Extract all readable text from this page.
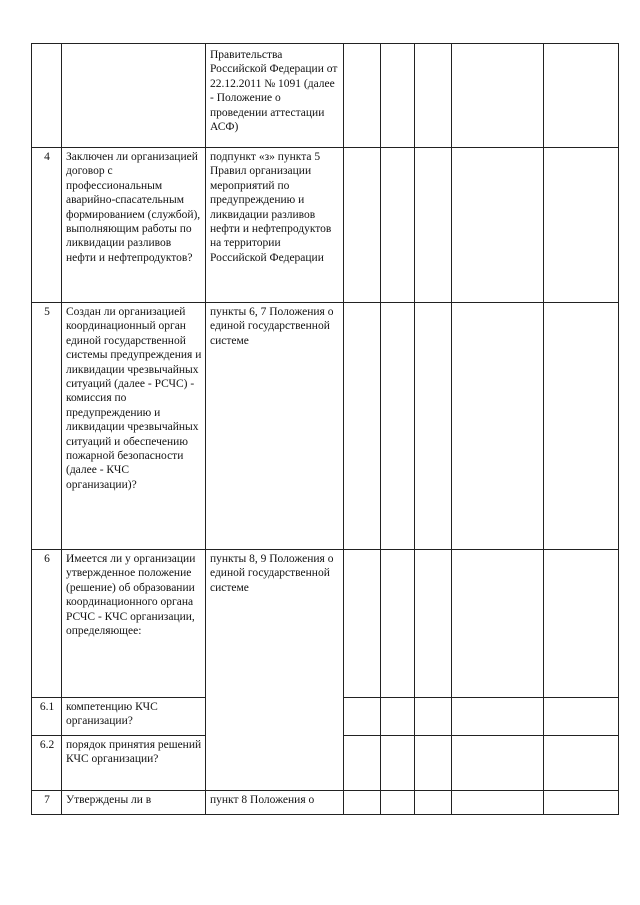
		Правительства Российской Федерации от 22.12.2011 № 1091 (далее - Положение о проведении аттестации АСФ)					
4	Заключен ли организацией договор с профессиональным аварийно-спасательным формированием (службой), выполняющим работы по ликвидации разливов нефти и нефтепродуктов?	подпункт «з» пункта 5 Правил организации мероприятий по предупреждению и ликвидации разливов нефти и нефтепродуктов на территории Российской Федерации					
5	Создан ли организацией координационный орган единой государственной системы предупреждения и ликвидации чрезвычайных ситуаций (далее - РСЧС) - комиссия по предупреждению и ликвидации чрезвычайных ситуаций и обеспечению пожарной безопасности (далее - КЧС организации)?	пункты 6, 7 Положения о единой государственной системе					
6	Имеется ли у организации утвержденное положение (решение) об образовании координационного органа РСЧС - КЧС организации, определяющее:	пункты 8, 9 Положения о единой государственной системе					
6.1	компетенцию КЧС организации?						
6.2	порядок принятия решений КЧС организации?						
7	Утверждены ли в	пункт 8 Положения о					
